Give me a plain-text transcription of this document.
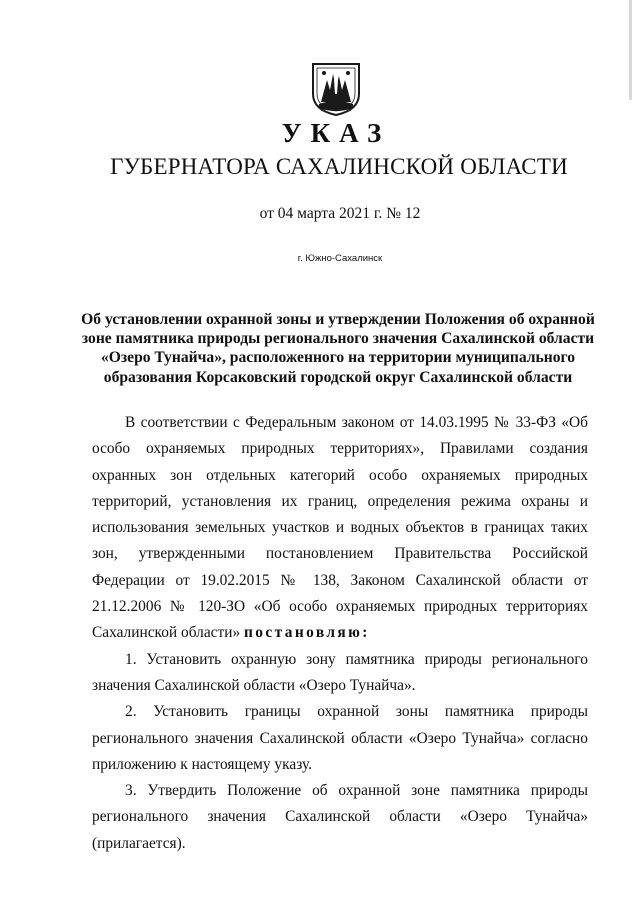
УКАЗ
ГУБЕРНАТОРА САХАЛИНСКОЙ ОБЛАСТИ
от 04 марта 2021 г. № 12
г. Южно-Сахалинск
Об установлении охранной зоны и утверждении Положения об охранной зоне памятника природы регионального значения Сахалинской области «Озеро Тунайча», расположенного на территории муниципального образования Корсаковский городской округ Сахалинской области

В соответствии с Федеральным законом от 14.03.1995 № 33-ФЗ «Об особо охраняемых природных территориях», Правилами создания охранных зон отдельных категорий особо охраняемых природных территорий, установления их границ, определения режима охраны и использования земельных участков и водных объектов в границах таких зон, утвержденными постановлением Правительства Российской Федерации от 19.02.2015 № 138, Законом Сахалинской области от 21.12.2006 № 120-ЗО «Об особо охраняемых природных территориях Сахалинской области» постановляю:

1. Установить охранную зону памятника природы регионального значения Сахалинской области «Озеро Тунайча».

2. Установить границы охранной зоны памятника природы регионального значения Сахалинской области «Озеро Тунайча» согласно приложению к настоящему указу.

3. Утвердить Положение об охранной зоне памятника природы регионального значения Сахалинской области «Озеро Тунайча» (прилагается).
